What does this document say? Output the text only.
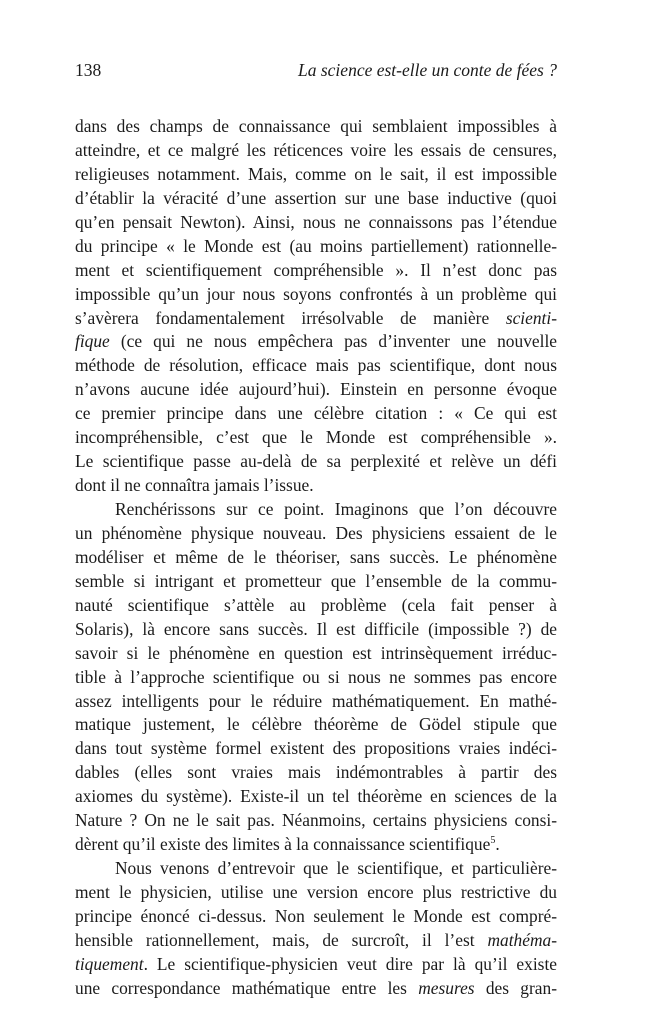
138	La science est-elle un conte de fées ?
dans des champs de connaissance qui semblaient impossibles à
atteindre, et ce malgré les réticences voire les essais de censures,
religieuses notamment. Mais, comme on le sait, il est impossible
d’établir la véracité d’une assertion sur une base inductive (quoi
qu’en pensait Newton). Ainsi, nous ne connaissons pas l’étendue
du principe « le Monde est (au moins partiellement) rationnelle-
ment et scientifiquement compréhensible ». Il n’est donc pas
impossible qu’un jour nous soyons confrontés à un problème qui
s’avèrera fondamentalement irrésolvable de manière scienti-
fique (ce qui ne nous empêchera pas d’inventer une nouvelle
méthode de résolution, efficace mais pas scientifique, dont nous
n’avons aucune idée aujourd’hui). Einstein en personne évoque
ce premier principe dans une célèbre citation : « Ce qui est
incompréhensible, c’est que le Monde est compréhensible ».
Le scientifique passe au-delà de sa perplexité et relève un défi
dont il ne connaîtra jamais l’issue.
Renchérissons sur ce point. Imaginons que l’on découvre
un phénomène physique nouveau. Des physiciens essaient de le
modéliser et même de le théoriser, sans succès. Le phénomène
semble si intrigant et prometteur que l’ensemble de la commu-
nauté scientifique s’attèle au problème (cela fait penser à
Solaris), là encore sans succès. Il est difficile (impossible ?) de
savoir si le phénomène en question est intrinsèquement irréduc-
tible à l’approche scientifique ou si nous ne sommes pas encore
assez intelligents pour le réduire mathématiquement. En mathé-
matique justement, le célèbre théorème de Gödel stipule que
dans tout système formel existent des propositions vraies indéci-
dables (elles sont vraies mais indémontrables à partir des
axiomes du système). Existe-il un tel théorème en sciences de la
Nature ? On ne le sait pas. Néanmoins, certains physiciens consi-
dèrent qu’il existe des limites à la connaissance scientifique$^5$.
Nous venons d’entrevoir que le scientifique, et particulière-
ment le physicien, utilise une version encore plus restrictive du
principe énoncé ci-dessus. Non seulement le Monde est compré-
hensible rationnellement, mais, de surcroît, il l’est mathéma-
tiquement. Le scientifique-physicien veut dire par là qu’il existe
une correspondance mathématique entre les mesures des gran-
